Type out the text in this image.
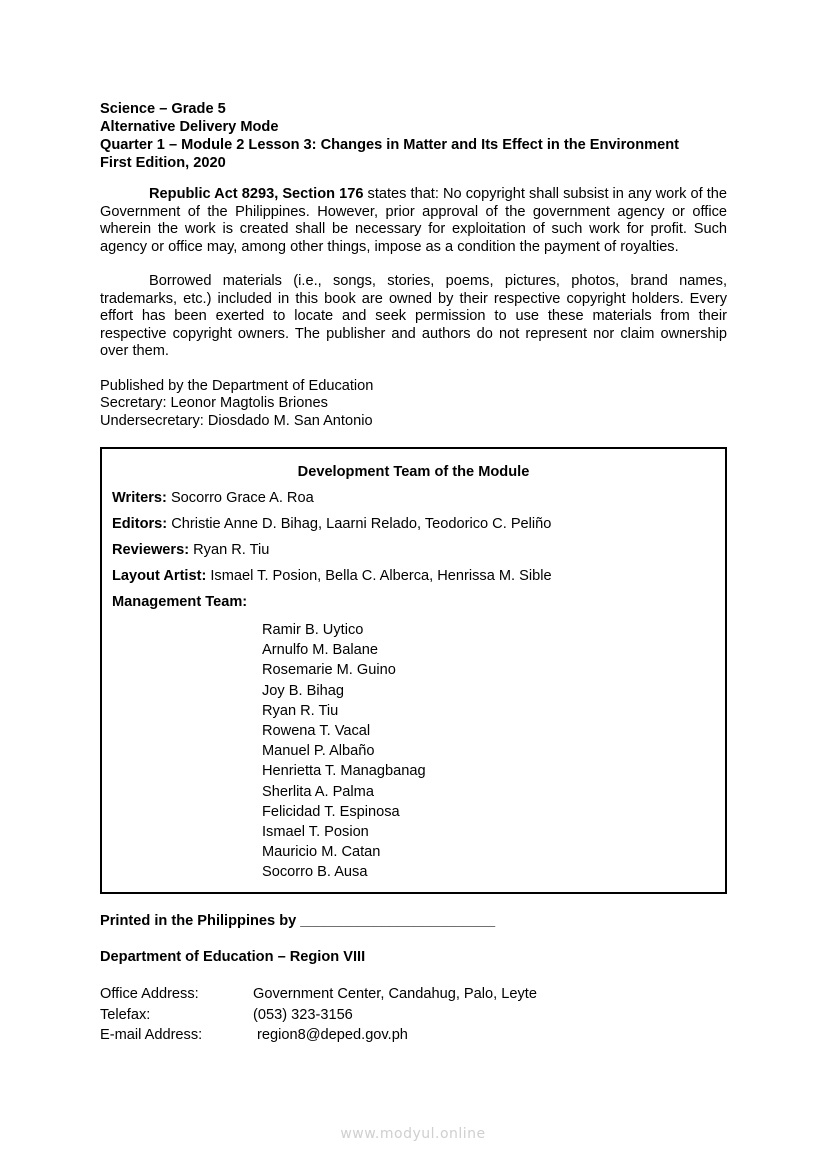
Science – Grade 5
Alternative Delivery Mode
Quarter 1 – Module 2 Lesson 3: Changes in Matter and Its Effect in the Environment
First Edition, 2020

Republic Act 8293, Section 176 states that: No copyright shall subsist in any work of the Government of the Philippines. However, prior approval of the government agency or office wherein the work is created shall be necessary for exploitation of such work for profit. Such agency or office may, among other things, impose as a condition the payment of royalties.

Borrowed materials (i.e., songs, stories, poems, pictures, photos, brand names, trademarks, etc.) included in this book are owned by their respective copyright holders. Every effort has been exerted to locate and seek permission to use these materials from their respective copyright owners. The publisher and authors do not represent nor claim ownership over them.

Published by the Department of Education
Secretary: Leonor Magtolis Briones
Undersecretary: Diosdado M. San Antonio
Development Team of the Module
Writers: Socorro Grace A. Roa
Editors: Christie Anne D. Bihag, Laarni Relado, Teodorico C. Peliño
Reviewers: Ryan R. Tiu
Layout Artist: Ismael T. Posion, Bella C. Alberca, Henrissa M. Sible
Management Team:
Ramir B. Uytico
Arnulfo M. Balane
Rosemarie M. Guino
Joy B. Bihag
Ryan R. Tiu
Rowena T. Vacal
Manuel P. Albaño
Henrietta T. Managbanag
Sherlita A. Palma
Felicidad T. Espinosa
Ismael T. Posion
Mauricio M. Catan
Socorro B. Ausa
Printed in the Philippines by ________________________
Department of Education – Region VIII
Office Address:	Government Center, Candahug, Palo, Leyte
Telefax:	(053) 323-3156
E-mail Address:	region8@deped.gov.ph
www.modyul.online
